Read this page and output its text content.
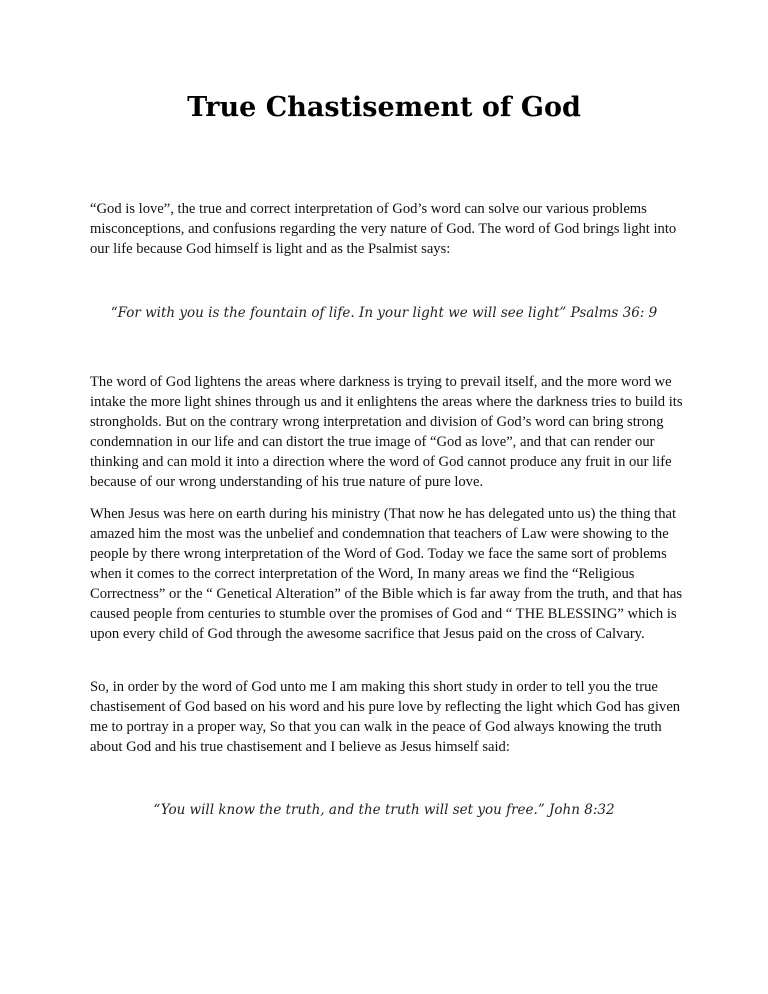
True Chastisement of God

“God is love”, the true and correct interpretation of God’s word can solve our various problems misconceptions, and confusions regarding the very nature of God. The word of God brings light into our life because God himself is light and as the Psalmist says:

“For with you is the fountain of life. In your light we will see light” Psalms 36: 9

The word of God lightens the areas where darkness is trying to prevail itself, and the more word we intake the more light shines through us and it enlightens the areas where the darkness tries to build its strongholds. But on the contrary wrong interpretation and division of God’s word can bring strong condemnation in our life and can distort the true image of “God as love”, and that can render our thinking and can mold it into a direction where the word of God cannot produce any fruit in our life because of our wrong understanding of his true nature of pure love.

When Jesus was here on earth during his ministry (That now he has delegated unto us) the thing that amazed him the most was the unbelief and condemnation that teachers of Law were showing to the people by there wrong interpretation of the Word of God. Today we face the same sort of problems when it comes to the correct interpretation of the Word, In many areas we find the “Religious Correctness” or the “ Genetical Alteration” of the Bible which is far away from the truth, and that has caused people from centuries to stumble over the promises of God and “ THE BLESSING” which is upon every child of God through the awesome sacrifice that Jesus paid on the cross of Calvary.

So, in order by the word of God unto me I am making this short study in order to tell you the true chastisement of God based on his word and his pure love by reflecting the light which God has given me to portray in a proper way, So that you can walk in the peace of God always knowing the truth about God and his true chastisement and I believe as Jesus himself said:

“You will know the truth, and the truth will set you free.” John 8:32
